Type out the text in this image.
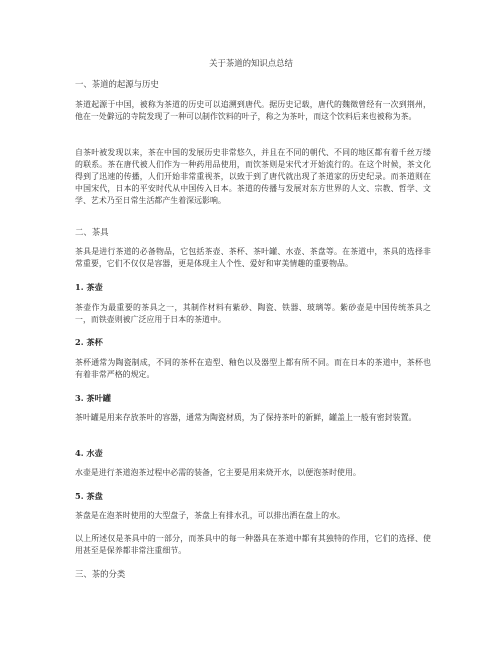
关于茶道的知识点总结
一、茶道的起源与历史
茶道起源于中国，被称为茶道的历史可以追溯到唐代。据历史记载，唐代的魏徵曾经有一次到荆州，他在一处僻远的寺院发现了一种可以制作饮料的叶子，称之为茶叶，而这个饮料后来也被称为茶。
自茶叶被发现以来，茶在中国的发展历史非常悠久，并且在不同的朝代、不同的地区都有着千丝万缕的联系。茶在唐代被人们作为一种药用品使用，而饮茶则是宋代才开始流行的。在这个时候，茶文化得到了迅速的传播，人们开始非常重视茶，以致于到了唐代就出现了茶道家的历史纪录。而茶道则在中国宋代，日本的平安时代从中国传入日本。茶道的传播与发展对东方世界的人文、宗教、哲学、文学、艺术乃至日常生活都产生着深远影响。
二、茶具
茶具是进行茶道的必备物品，它包括茶壶、茶杯、茶叶罐、水壶、茶盘等。在茶道中，茶具的选择非常重要，它们不仅仅是容器，更是体现主人个性、爱好和审美情趣的重要物品。
1. 茶壶
茶壶作为最重要的茶具之一，其制作材料有紫砂、陶瓷、铁器、玻璃等。紫砂壶是中国传统茶具之一，而铁壶则被广泛应用于日本的茶道中。
2. 茶杯
茶杯通常为陶瓷制成，不同的茶杯在造型、釉色以及器型上都有所不同。而在日本的茶道中，茶杯也有着非常严格的规定。
3. 茶叶罐
茶叶罐是用来存放茶叶的容器，通常为陶瓷材质，为了保持茶叶的新鲜，罐盖上一般有密封装置。
4. 水壶
水壶是进行茶道泡茶过程中必需的装备，它主要是用来烧开水，以便泡茶时使用。
5. 茶盘
茶盘是在泡茶时使用的大型盘子，茶盘上有排水孔，可以排出洒在盘上的水。
以上所述仅是茶具中的一部分，而茶具中的每一种器具在茶道中都有其独特的作用，它们的选择、使用甚至是保养都非常注重细节。
三、茶的分类
